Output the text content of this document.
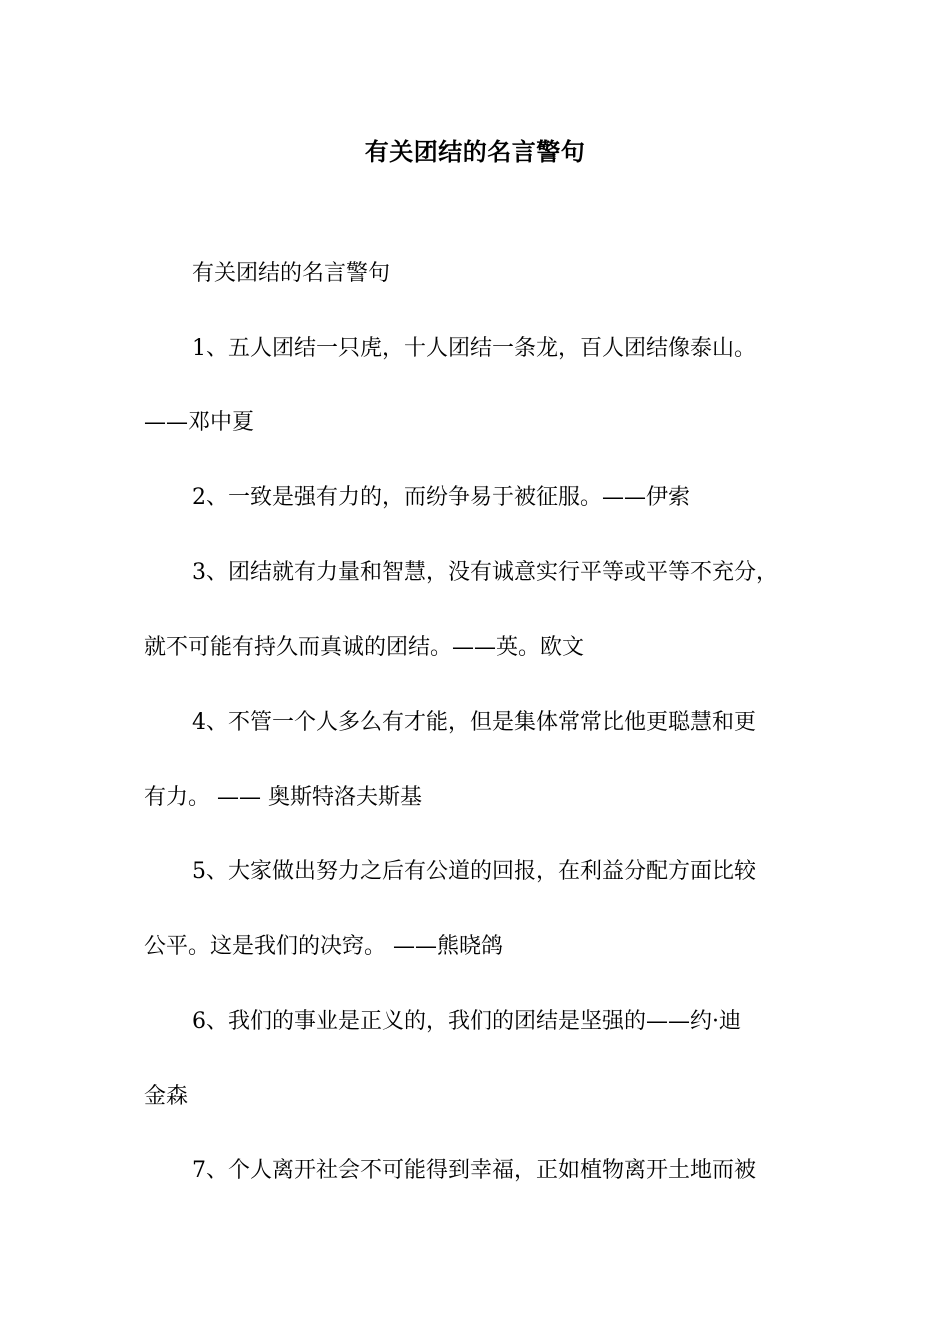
有关团结的名言警句
有关团结的名言警句
1、五人团结一只虎，十人团结一条龙，百人团结像泰山。
——邓中夏
2、一致是强有力的，而纷争易于被征服。——伊索
3、团结就有力量和智慧，没有诚意实行平等或平等不充分，
就不可能有持久而真诚的团结。——英。欧文
4、不管一个人多么有才能，但是集体常常比他更聪慧和更
有力。 —— 奥斯特洛夫斯基
5、大家做出努力之后有公道的回报，在利益分配方面比较
公平。这是我们的决窍。 ——熊晓鸽
6、我们的事业是正义的，我们的团结是坚强的——约·迪
金森
7、个人离开社会不可能得到幸福，正如植物离开土地而被
